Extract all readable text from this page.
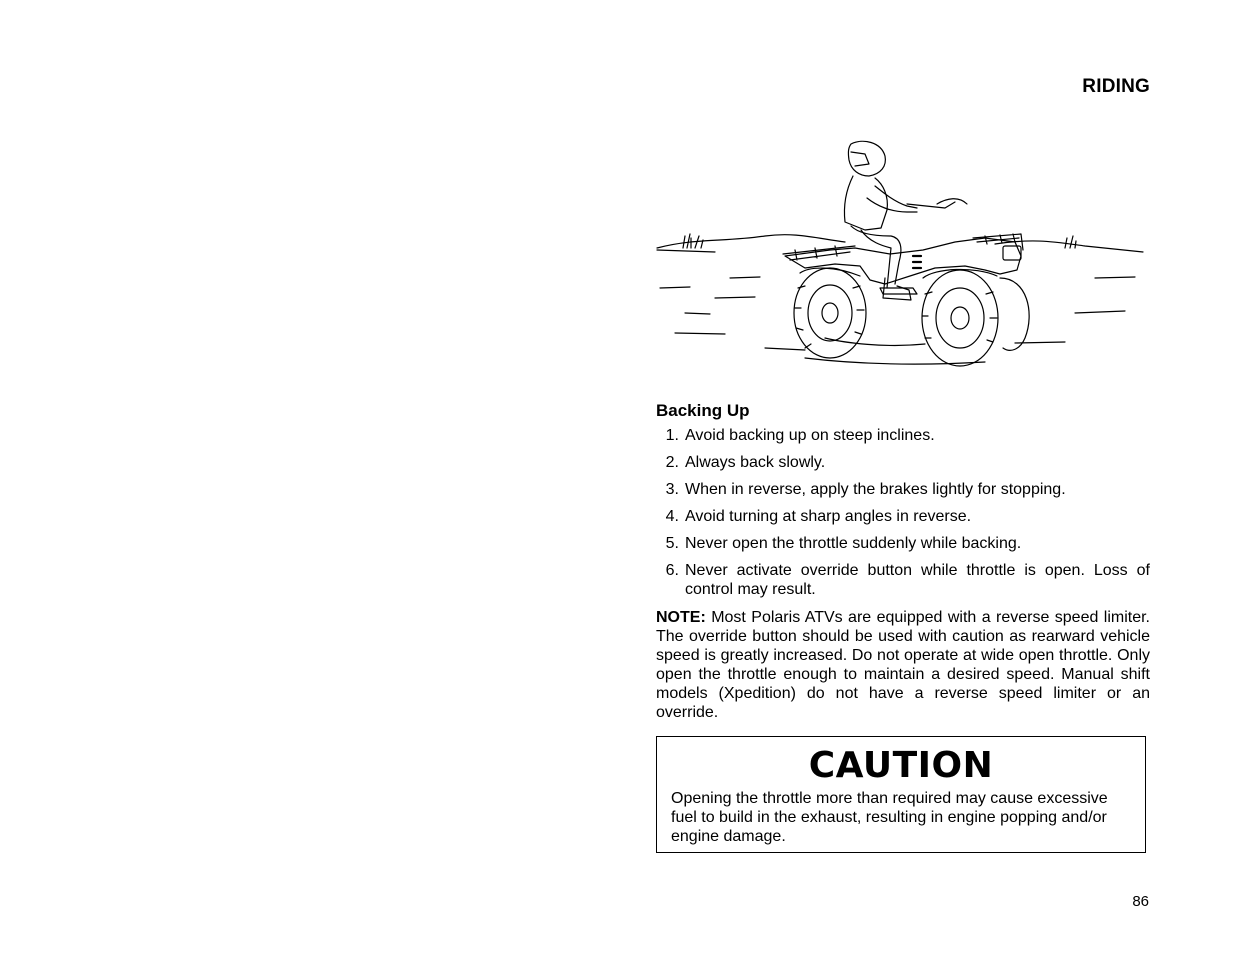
RIDING
Backing Up
1. Avoid backing up on steep inclines.
2. Always back slowly.
3. When in reverse, apply the brakes lightly for stopping.
4. Avoid turning at sharp angles in reverse.
5. Never open the throttle suddenly while backing.
6. Never activate override button while throttle is open. Loss of control may result.

NOTE: Most Polaris ATVs are equipped with a reverse speed limiter. The override button should be used with caution as rearward vehicle speed is greatly increased. Do not operate at wide open throttle. Only open the throttle enough to maintain a desired speed. Manual shift models (Xpedition) do not have a reverse speed limiter or an override.

CAUTION
Opening the throttle more than required may cause excessive fuel to build in the exhaust, resulting in engine popping and/or engine damage.
86
